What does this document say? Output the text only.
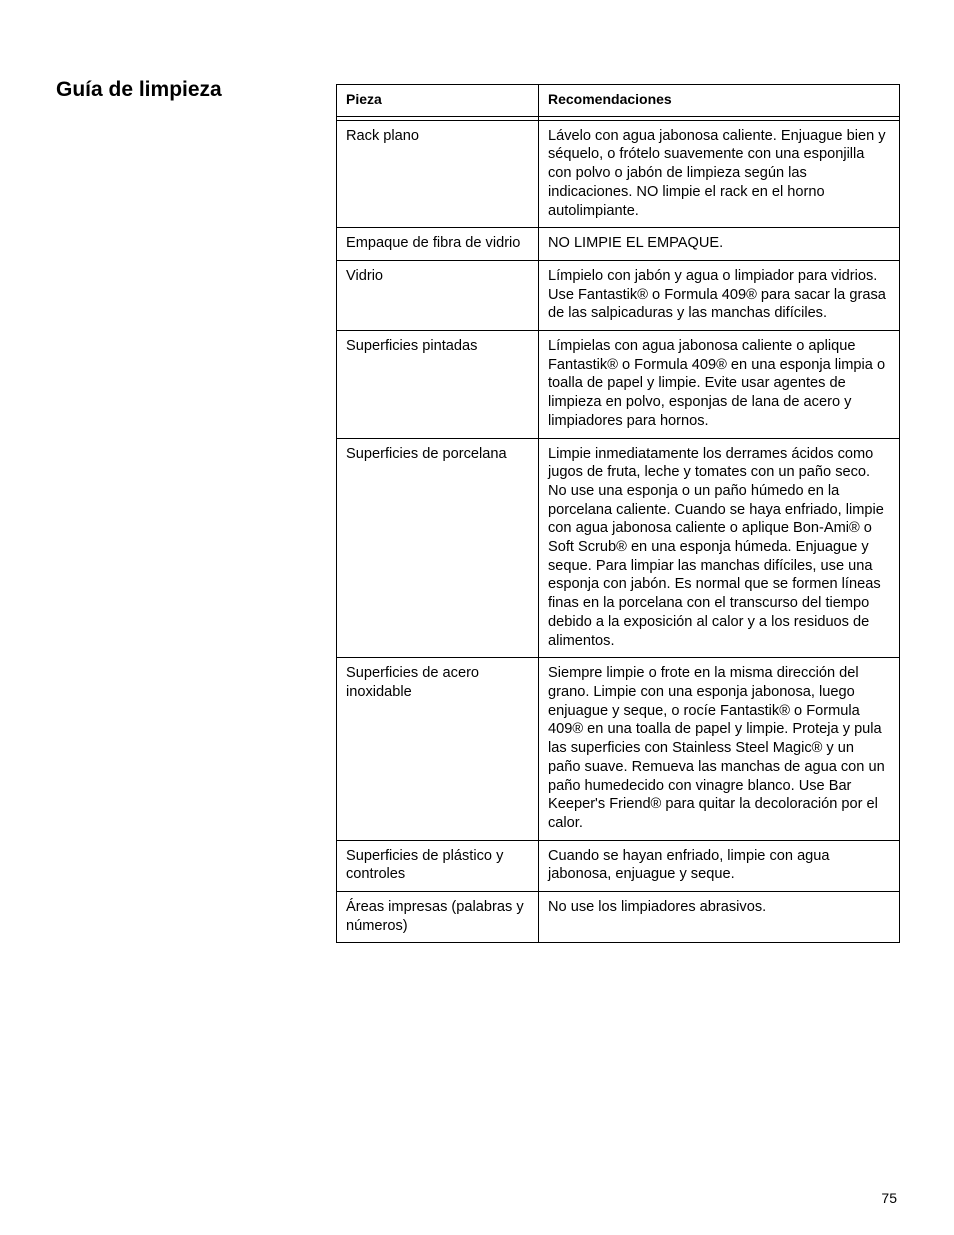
Guía de limpieza	Pieza	Recomendaciones

Rack plano	Lávelo con agua jabonosa caliente. Enjuague bien y séquelo, o frótelo suavemente con una esponjilla con polvo o jabón de limpieza según las indicaciones. NO limpie el rack en el horno autolimpiante.
Empaque de fibra de vidrio	NO LIMPIE EL EMPAQUE.
Vidrio	Límpielo con jabón y agua o limpiador para vidrios. Use Fantastik® o Formula 409® para sacar la grasa de las salpicaduras y las manchas difíciles.
Superficies pintadas	Límpielas con agua jabonosa caliente o aplique Fantastik® o Formula 409® en una esponja limpia o toalla de papel y limpie. Evite usar agentes de limpieza en polvo, esponjas de lana de acero y limpiadores para hornos.
Superficies de porcelana	Limpie inmediatamente los derrames ácidos como jugos de fruta, leche y tomates con un paño seco. No use una esponja o un paño húmedo en la porcelana caliente. Cuando se haya enfriado, limpie con agua jabonosa caliente o aplique Bon-Ami® o Soft Scrub® en una esponja húmeda. Enjuague y seque. Para limpiar las manchas difíciles, use una esponja con jabón. Es normal que se formen líneas finas en la porcelana con el transcurso del tiempo debido a la exposición al calor y a los residuos de alimentos.
Superficies de acero inoxidable	Siempre limpie o frote en la misma dirección del grano. Limpie con una esponja jabonosa, luego enjuague y seque, o rocíe Fantastik® o Formula 409® en una toalla de papel y limpie. Proteja y pula las superficies con Stainless Steel Magic® y un paño suave. Remueva las manchas de agua con un paño humedecido con vinagre blanco. Use Bar Keeper's Friend® para quitar la decoloración por el calor.
Superficies de plástico y controles	Cuando se hayan enfriado, limpie con agua jabonosa, enjuague y seque.
Áreas impresas (palabras y números)	No use los limpiadores abrasivos.
75
